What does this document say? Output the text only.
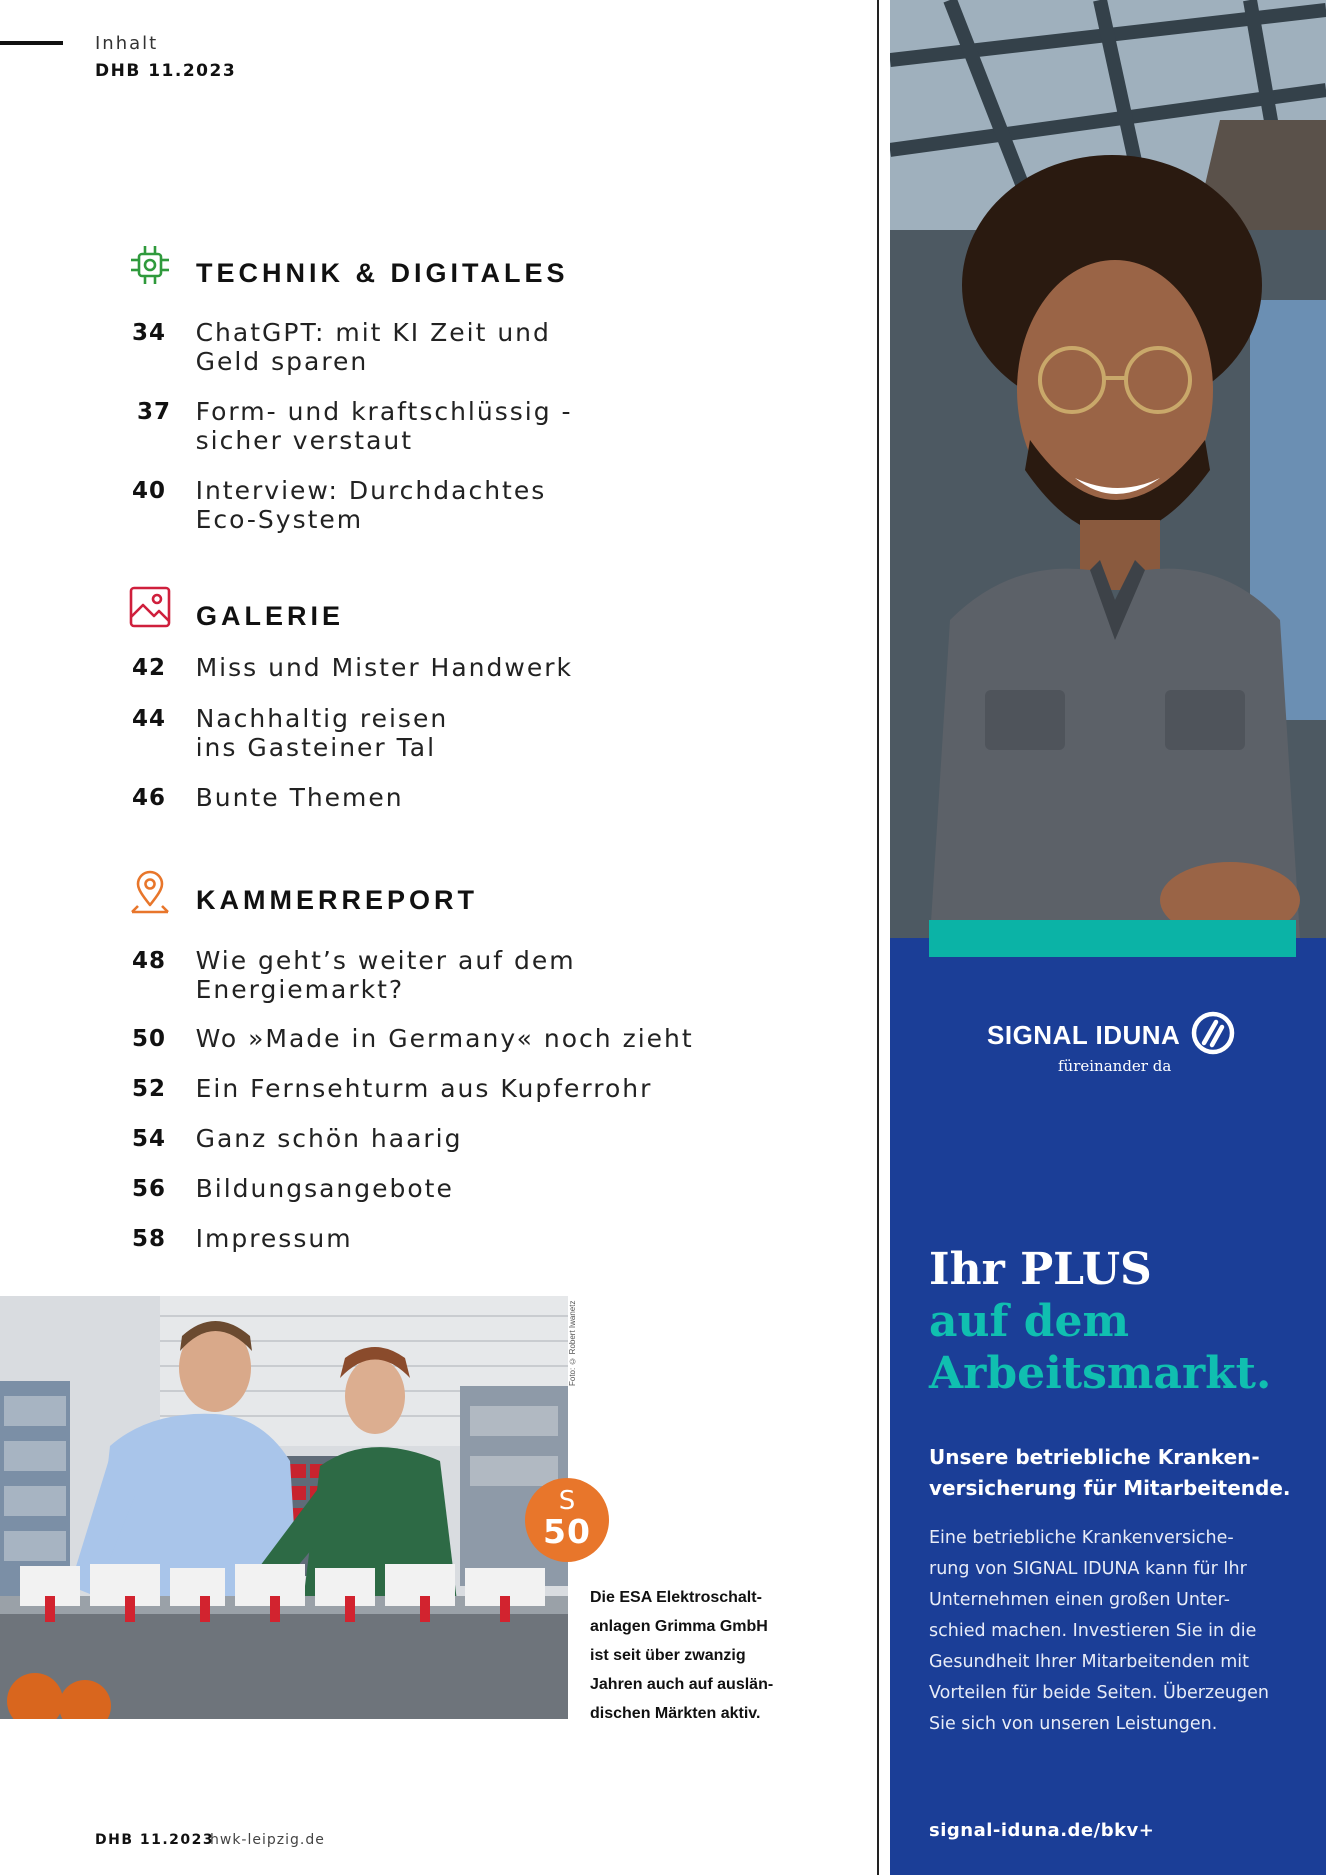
Inhalt
DHB 11.2023
TECHNIK & DIGITALES
34	ChatGPT: mit KI Zeit und
Geld sparen
37 Form- und kraftschlüssig -
sicher verstaut
40	Interview: Durchdachtes
Eco-System
GALERIE
42	Miss und Mister Handwerk
44	Nachhaltig reisen
ins Gasteiner Tal
46	Bunte Themen
KAMMERREPORT
48	Wie geht’s weiter auf dem
Energiemarkt?
50	Wo »Made in Germany« noch zieht
52	Ein Fernsehturm aus Kupferrohr
54	Ganz schön haarig
56	Bildungsangebote
58	Impressum
Foto: © Robert Iwanetz
S
50
Die ESA Elektroschalt-
anlagen Grimma GmbH
ist seit über zwanzig
Jahren auch auf auslän-
dischen Märkten aktiv.
DHB 11.2023
hwk-leipzig.de
SIGNAL IDUNA
füreinander da
Ihr PLUS
auf dem
Arbeitsmarkt.
Unsere betriebliche Kranken-
versicherung für Mitarbeitende.
Eine betriebliche Krankenversiche-
rung von SIGNAL IDUNA kann für Ihr
Unternehmen einen großen Unter-
schied machen. Investieren Sie in die
Gesundheit Ihrer Mitarbeitenden mit
Vorteilen für beide Seiten. Überzeugen
Sie sich von unseren Leistungen.
signal-iduna.de/bkv+
